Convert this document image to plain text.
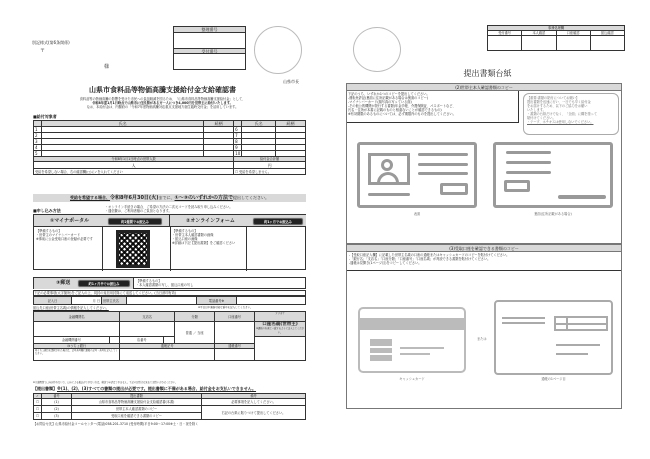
別記様式(第6条関係)
〒
様
整理番号
受付番号
山県市長
山県市食料品等物価高騰支援給付金支給確認書
食料品等の物価高騰の影響を受けた市民への負担軽減を図るため、「山県市食料品等物価高騰支援給付金」として、
令和8年度1月1日時点で山県市に住民票がある方一人につき4,000円を世帯主に給付いたします。
なお、本給付金は、内閣府の「令和7年度物価高騰対応重点支援地方創生臨時交付金」を活用しています。
■給付対象者
	氏名	続柄		氏名	続柄
1			6		
2			7		
3			8		
4			9		
5			10		
令和8年1月1日時点の世帯人数			給付金合計額		
人			円		
受給を希望しない場合、右の確認欄(□)に✓を入れてください			☐ 受給を希望しません。		
受給を希望する場合、令和8年6月30日(火)までに、①〜③のいずれかの方法で提出してください。
■申し込み方法
・オンライン手続きの場合、ご希望の方法の二次元コードを読み取り申し込みください。
・通信費は、ご利用者様のご負担となります。
①マイナポータル	約2週間でお振込み	②オンラインフォーム	約1ヶ月でお振込み
【準備するもの】
・世帯主のマイナンバーカード
※事前に公金受取口座の登録が必要です
【準備するもの】
・世帯主本人確認書類の画像
・振込口座の画像
※詳細は下記【提出書類】をご確認ください
③郵送	約1ヶ月半でお振込み
【準備するもの】
・本人確認書類の写し、振込口座の写し
下記の必要事項(太字箇所)をご記入の上、同封の返信用封筒にて返送してください。(当日消印有効)
記入日	月 日	世帯主氏名		電話番号※	
振込先口座(世帯主名義)の情報を記入してください。	※平日日中連絡可能な番号を記入してください。
金融機関名		支店名		分類	口座番号	フリガナ
				普通 ／ 当座		口座名義(世帯主)
※通帳の名義と一致するように記入してください。

金融機関番号		店番号				
ゆうちょ銀行		通帳記号			通帳番号	
ゆうちょ銀行を選択された場合は、記号番号欄に通帳の記号・番号を記入してください。						
※金融機関で口座が作れない等、口座による振込ができない方は、郵送で申請はできません。下記のお問合せ先までお問い合わせください。
【提出書類】※(1)、(2)、(3)すべての書類の提出が必要です。提出書類に不備がある場合、給付金をお支払いできません。
✓	番号	提出書類	備考
☐	(1)	山県市食料品等物価高騰支援給付金支給確認書(本書)	必要事項を記入してください。
☐	(2)	世帯主本人確認書類のコピー	右記の台紙に貼りつけて提出してください。
☐	(3)	受取口座を確認できる書類のコピー	
【お問合せ先】山県市給付金コールセンター(電話)058-201-3710 (受付時間)平日9:00〜17:00※土・日・祝を除く
事務処理欄			
受付番号	本人確認	口座確認	振込確認

提出書類台紙
(2)世帯主本人確認書類のコピー
下記のうち、いずれか1つのコピーを提出してください。
-運転免許証(裏面に住所記載がある場合は裏面のコピー)
-マイナンバーカード(顔写真の写っている面)
-その他公的機関が発行する書類(年金手帳、介護保険証、パスポートなど、
氏名・住所が本書に記載のものと相違ないことが確認できるもの)
※有効期限のあるものについては、必ず期限内のものを提出してください。
【重要:書類の貼付についてお願い】
提出書類を迅速に行い、一日でも早く給付金
をお届けするため、以下のご協力をお願い
いたします。
・書類の台紙だけでなく、「全面」に糊を塗って
貼付けてください。
・テープ、ホチキスは使用しないでください。
表面	裏面(住所記載がある場合)
(3)受取口座を確認できる書類のコピー
-【受取口座記入欄】に記載した世帯主名義の口座の通帳またはキャッシュカードのコピーを貼付けてください。
-「銀行名」「支店名」「口座分類」「口座番号」「口座名義」が判読できる書類を貼付けてください。
-通帳は見開き(1ページ目)をコピーしてください。
キャッシュカード
または
通帳の1ページ目
